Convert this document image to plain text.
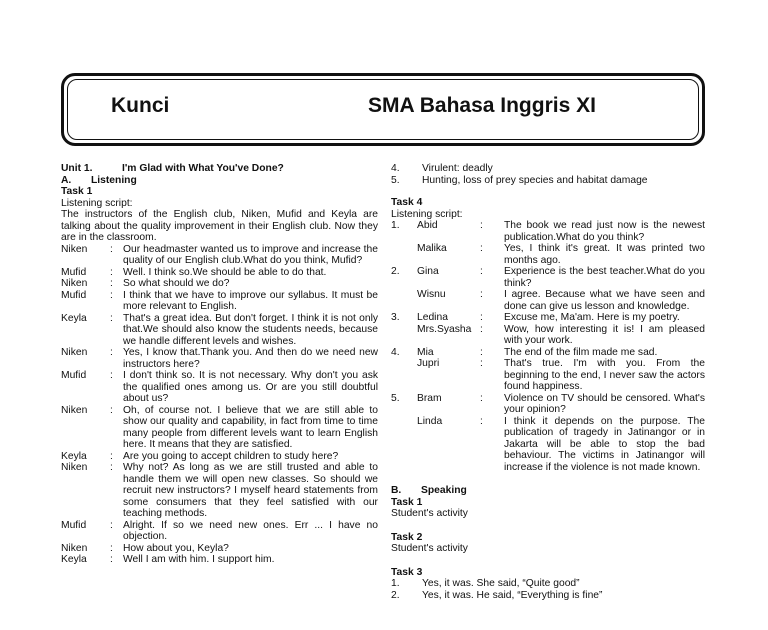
Kunci	SMA Bahasa Inggris XI
Unit 1.	I'm Glad with What You've Done?
A.	Listening
Task 1
Listening script:
The instructors of the English club, Niken, Mufid and Keyla are talking about the quality improvement in their English club. Now they are in the classroom.
Niken	: Our headmaster wanted us to improve and increase the quality of our English club.What do you think, Mufid?
Mufid	: Well. I think so.We should be able to do that.
Niken	: So what should we do?
Mufid	: I think that we have to improve our syllabus. It must be more relevant to English.
Keyla	: That's a great idea. But don't forget. I think it is not only that.We should also know the students needs, because we handle different levels and wishes.
Niken	: Yes, I know that.Thank you. And then do we need new instructors here?
Mufid	: I don't think so. It is not necessary. Why don't you ask the qualified ones among us. Or are you still doubtful about us?
Niken	: Oh, of course not. I believe that we are still able to show our quality and capability, in fact from time to time many people from different levels want to learn English here. It means that they are satisfied.
Keyla	: Are you going to accept children to study here?
Niken	: Why not? As long as we are still trusted and able to handle them we will open new classes. So should we recruit new instructors? I myself heard statements from some consumers that they feel satisfied with our teaching methods.
Mufid	: Alright. If so we need new ones. Err ... I have no objection.
Niken	: How about you, Keyla?
Keyla	: Well I am with him. I support him.
4.	Virulent: deadly
5.	Hunting, loss of prey species and habitat damage
Task 4
Listening script:
1.	Abid	:	The book we read just now is the newest publication.What do you think?
Malika	:	Yes, I think it's great. It was printed two months ago.
2.	Gina	:	Experience is the best teacher.What do you think?
Wisnu	:	I agree. Because what we have seen and done can give us lesson and knowledge.
3.	Ledina	:	Excuse me, Ma'am. Here is my poetry.
Mrs.Syasha :	Wow, how interesting it is! I am pleased with your work.
4.	Mia	:	The end of the film made me sad.
Jupri	:	That's true. I'm with you. From the beginning to the end, I never saw the actors found happiness.
5.	Bram	:	Violence on TV should be censored. What's your opinion?
Linda	:	I think it depends on the purpose. The publication of tragedy in Jatinangor or in Jakarta will be able to stop the bad behaviour. The victims in Jatinangor will increase if the violence is not made known.
B.	Speaking
Task 1
Student's activity
Task 2
Student's activity
Task 3
1.	Yes, it was. She said, “Quite good”
2.	Yes, it was. He said, “Everything is fine”
